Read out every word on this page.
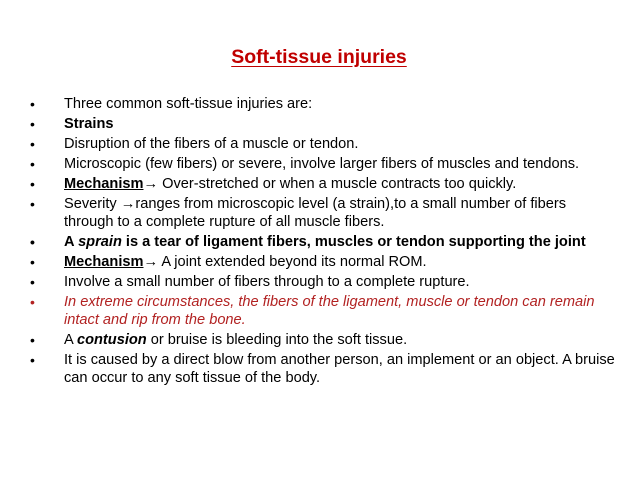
Soft-tissue injuries
• Three common soft-tissue injuries are:
• Strains
• Disruption of the fibers of a muscle or tendon.
• Microscopic (few fibers) or severe, involve larger fibers of muscles and tendons.
• Mechanism→ Over-stretched or when a muscle contracts too quickly.
• Severity →ranges from microscopic level (a strain),to a small number of fibers through to a complete rupture of all muscle fibers.
• A sprain is a tear of ligament fibers, muscles or tendon supporting the joint
• Mechanism→ A joint extended beyond its normal ROM.
• Involve a small number of fibers through to a complete rupture.
• In extreme circumstances, the fibers of the ligament, muscle or tendon can remain intact and rip from the bone.
• A contusion or bruise is bleeding into the soft tissue.
• It is caused by a direct blow from another person, an implement or an object. A bruise can occur to any soft tissue of the body.
